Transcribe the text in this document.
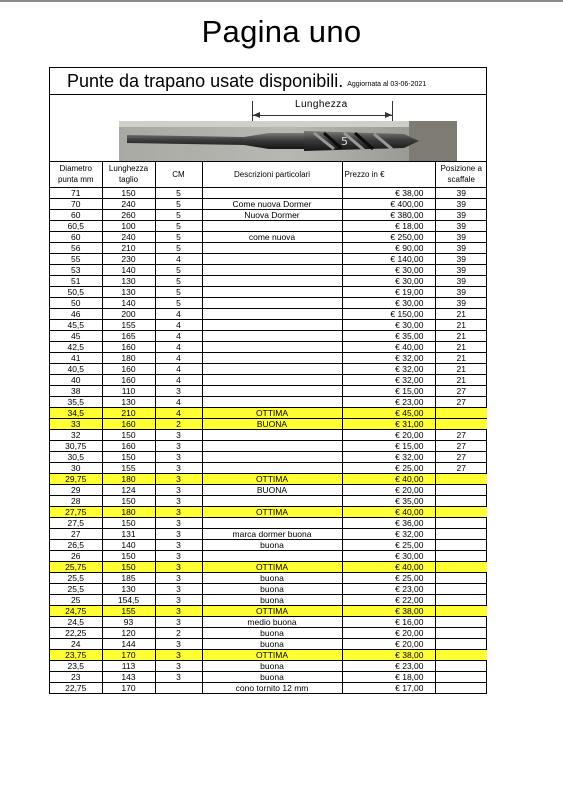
Pagina uno
Punte da trapano usate disponibili. Aggiornata al 03-06-2021
Lunghezza
5
Diametro punta mm	Lunghezza taglio	CM	Descrizioni particolari	Prezzo in €	Posizione a scaffale
71	150	5		€ 38,00	39
70	240	5	Come nuova Dormer	€ 400,00	39
60	260	5	Nuova Dormer	€ 380,00	39
60,5	100	5		€ 18,00	39
60	240	5	come nuova	€ 250,00	39
56	210	5		€ 90,00	39
55	230	4		€ 140,00	39
53	140	5		€ 30,00	39
51	130	5		€ 30,00	39
50,5	130	5		€ 19,00	39
50	140	5		€ 30,00	39
46	200	4		€ 150,00	21
45,5	155	4		€ 30,00	21
45	165	4		€ 35,00	21
42,5	160	4		€ 40,00	21
41	180	4		€ 32,00	21
40,5	160	4		€ 32,00	21
40	160	4		€ 32,00	21
38	110	3		€ 15,00	27
35,5	130	4		€ 23,00	27
34,5	210	4	OTTIMA	€ 45,00	
33	160	2	BUONA	€ 31,00	
32	150	3		€ 20,00	27
30,75	160	3		€ 15,00	27
30,5	150	3		€ 32,00	27
30	155	3		€ 25,00	27
29,75	180	3	OTTIMA	€ 40,00	
29	124	3	BUONA	€ 20,00	
28	150	3		€ 35,00	
27,75	180	3	OTTIMA	€ 40,00	
27,5	150	3		€ 36,00	
27	131	3	marca dormer buona	€ 32,00	
26,5	140	3	buona	€ 25,00	
26	150	3		€ 30,00	
25,75	150	3	OTTIMA	€ 40,00	
25,5	185	3	buona	€ 25,00	
25,5	130	3	buona	€ 23,00	
25	154,5	3	buona	€ 22,00	
24,75	155	3	OTTIMA	€ 38,00	
24,5	93	3	medio buona	€ 16,00	
22,25	120	2	buona	€ 20,00	
24	144	3	buona	€ 20,00	
23,75	170	3	OTTIMA	€ 38,00	
23,5	113	3	buona	€ 23,00	
23	143	3	buona	€ 18,00	
22,75	170		cono tornito 12 mm	€ 17,00	
